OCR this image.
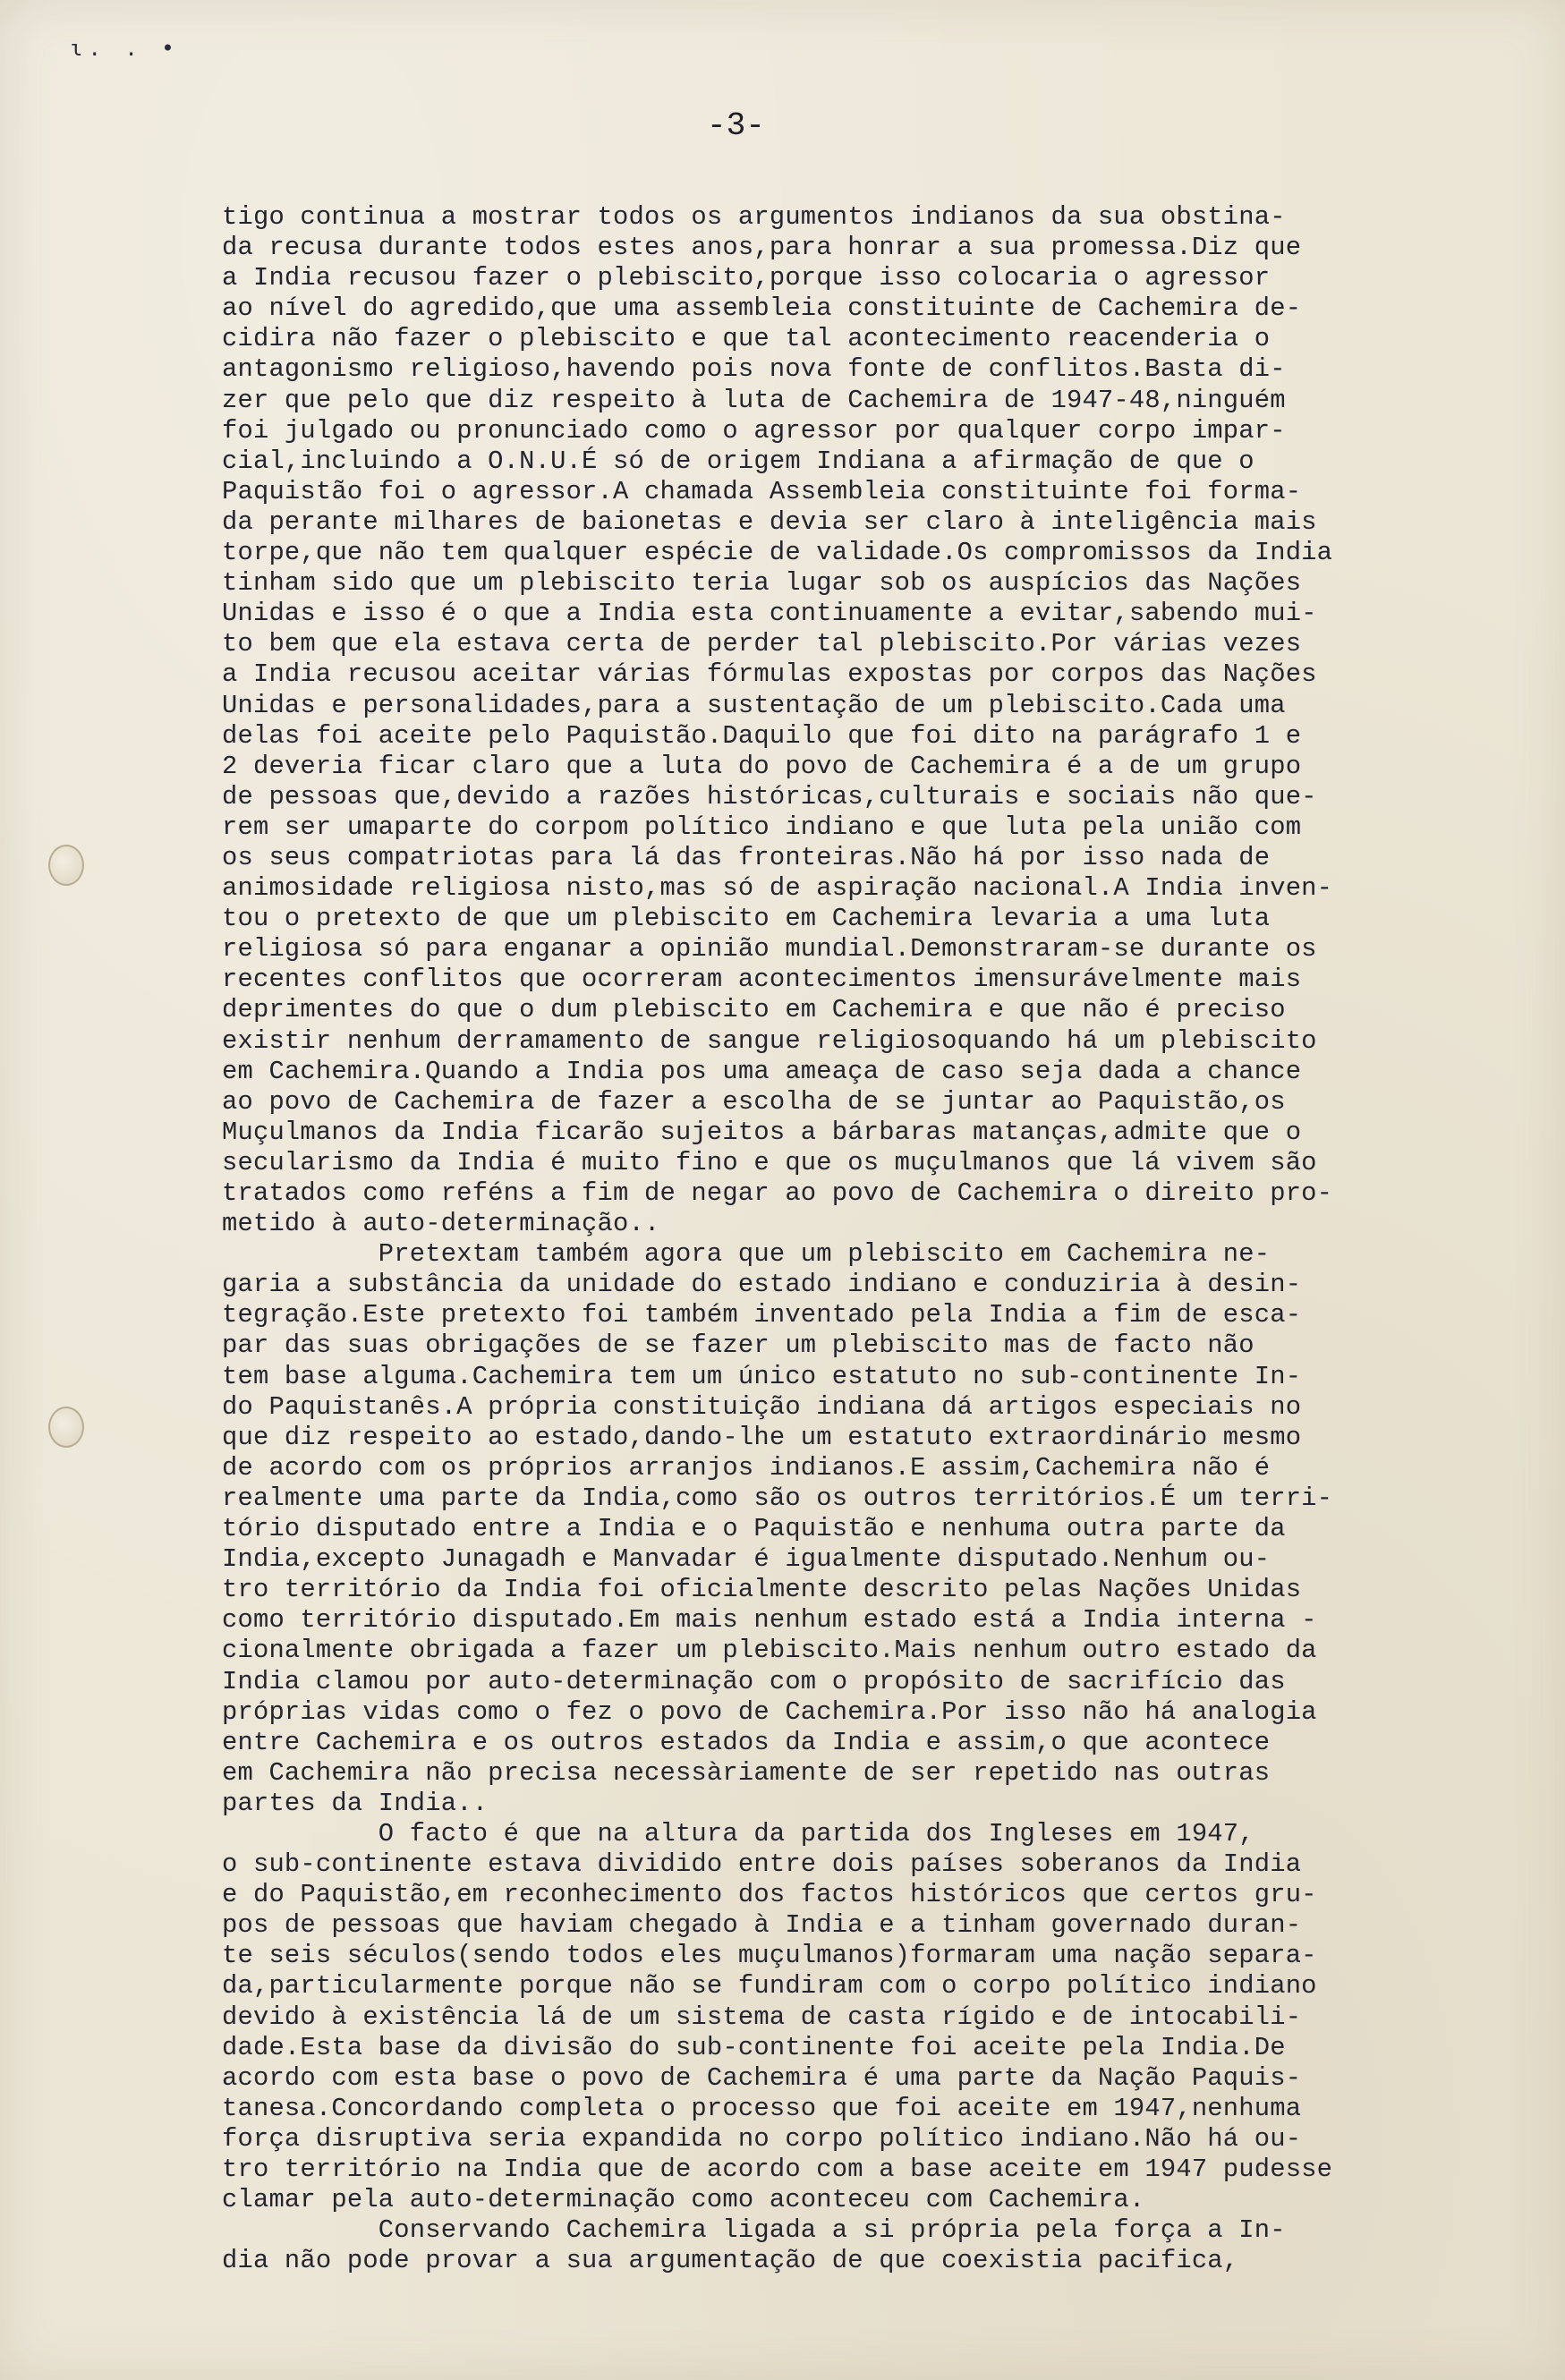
ɩ. . •
-3-
tigo continua a mostrar todos os argumentos indianos da sua obstina-
da recusa durante todos estes anos,para honrar a sua promessa.Diz que
a India recusou fazer o plebiscito,porque isso colocaria o agressor
ao nível do agredido,que uma assembleia constituinte de Cachemira de-
cidira não fazer o plebiscito e que tal acontecimento reacenderia o
antagonismo religioso,havendo pois nova fonte de conflitos.Basta di-
zer que pelo que diz respeito à luta de Cachemira de 1947-48,ninguém
foi julgado ou pronunciado como o agressor por qualquer corpo impar-
cial,incluindo a O.N.U.É só de origem Indiana a afirmação de que o
Paquistão foi o agressor.A chamada Assembleia constituinte foi forma-
da perante milhares de baionetas e devia ser claro à inteligência mais
torpe,que não tem qualquer espécie de validade.Os compromissos da India
tinham sido que um plebiscito teria lugar sob os auspícios das Nações
Unidas e isso é o que a India esta continuamente a evitar,sabendo mui-
to bem que ela estava certa de perder tal plebiscito.Por várias vezes
a India recusou aceitar várias fórmulas expostas por corpos das Nações
Unidas e personalidades,para a sustentação de um plebiscito.Cada uma
delas foi aceite pelo Paquistão.Daquilo que foi dito na parágrafo 1 e
2 deveria ficar claro que a luta do povo de Cachemira é a de um grupo
de pessoas que,devido a razões históricas,culturais e sociais não que-
rem ser umaparte do corpom político indiano e que luta pela união com
os seus compatriotas para lá das fronteiras.Não há por isso nada de
animosidade religiosa nisto,mas só de aspiração nacional.A India inven-
tou o pretexto de que um plebiscito em Cachemira levaria a uma luta
religiosa só para enganar a opinião mundial.Demonstraram-se durante os
recentes conflitos que ocorreram acontecimentos imensurávelmente mais
deprimentes do que o dum plebiscito em Cachemira e que não é preciso
existir nenhum derramamento de sangue religiosoquando há um plebiscito
em Cachemira.Quando a India pos uma ameaça de caso seja dada a chance
ao povo de Cachemira de fazer a escolha de se juntar ao Paquistão,os
Muçulmanos da India ficarão sujeitos a bárbaras matanças,admite que o
secularismo da India é muito fino e que os muçulmanos que lá vivem são
tratados como reféns a fim de negar ao povo de Cachemira o direito pro-
metido à auto-determinação..
Pretextam também agora que um plebiscito em Cachemira ne-
garia a substância da unidade do estado indiano e conduziria à desin-
tegração.Este pretexto foi também inventado pela India a fim de esca-
par das suas obrigações de se fazer um plebiscito mas de facto não
tem base alguma.Cachemira tem um único estatuto no sub-continente In-
do Paquistanês.A própria constituição indiana dá artigos especiais no
que diz respeito ao estado,dando-lhe um estatuto extraordinário mesmo
de acordo com os próprios arranjos indianos.E assim,Cachemira não é
realmente uma parte da India,como são os outros territórios.É um terri-
tório disputado entre a India e o Paquistão e nenhuma outra parte da
India,excepto Junagadh e Manvadar é igualmente disputado.Nenhum ou-
tro território da India foi oficialmente descrito pelas Nações Unidas
como território disputado.Em mais nenhum estado está a India interna -
cionalmente obrigada a fazer um plebiscito.Mais nenhum outro estado da
India clamou por auto-determinação com o propósito de sacrifício das
próprias vidas como o fez o povo de Cachemira.Por isso não há analogia
entre Cachemira e os outros estados da India e assim,o que acontece
em Cachemira não precisa necessàriamente de ser repetido nas outras
partes da India..
O facto é que na altura da partida dos Ingleses em 1947,
o sub-continente estava dividido entre dois países soberanos da India
e do Paquistão,em reconhecimento dos factos históricos que certos gru-
pos de pessoas que haviam chegado à India e a tinham governado duran-
te seis séculos(sendo todos eles muçulmanos)formaram uma nação separa-
da,particularmente porque não se fundiram com o corpo político indiano
devido à existência lá de um sistema de casta rígido e de intocabili-
dade.Esta base da divisão do sub-continente foi aceite pela India.De
acordo com esta base o povo de Cachemira é uma parte da Nação Paquis-
tanesa.Concordando completa o processo que foi aceite em 1947,nenhuma
força disruptiva seria expandida no corpo político indiano.Não há ou-
tro território na India que de acordo com a base aceite em 1947 pudesse
clamar pela auto-determinação como aconteceu com Cachemira.
Conservando Cachemira ligada a si própria pela força a In-
dia não pode provar a sua argumentação de que coexistia pacifica,
